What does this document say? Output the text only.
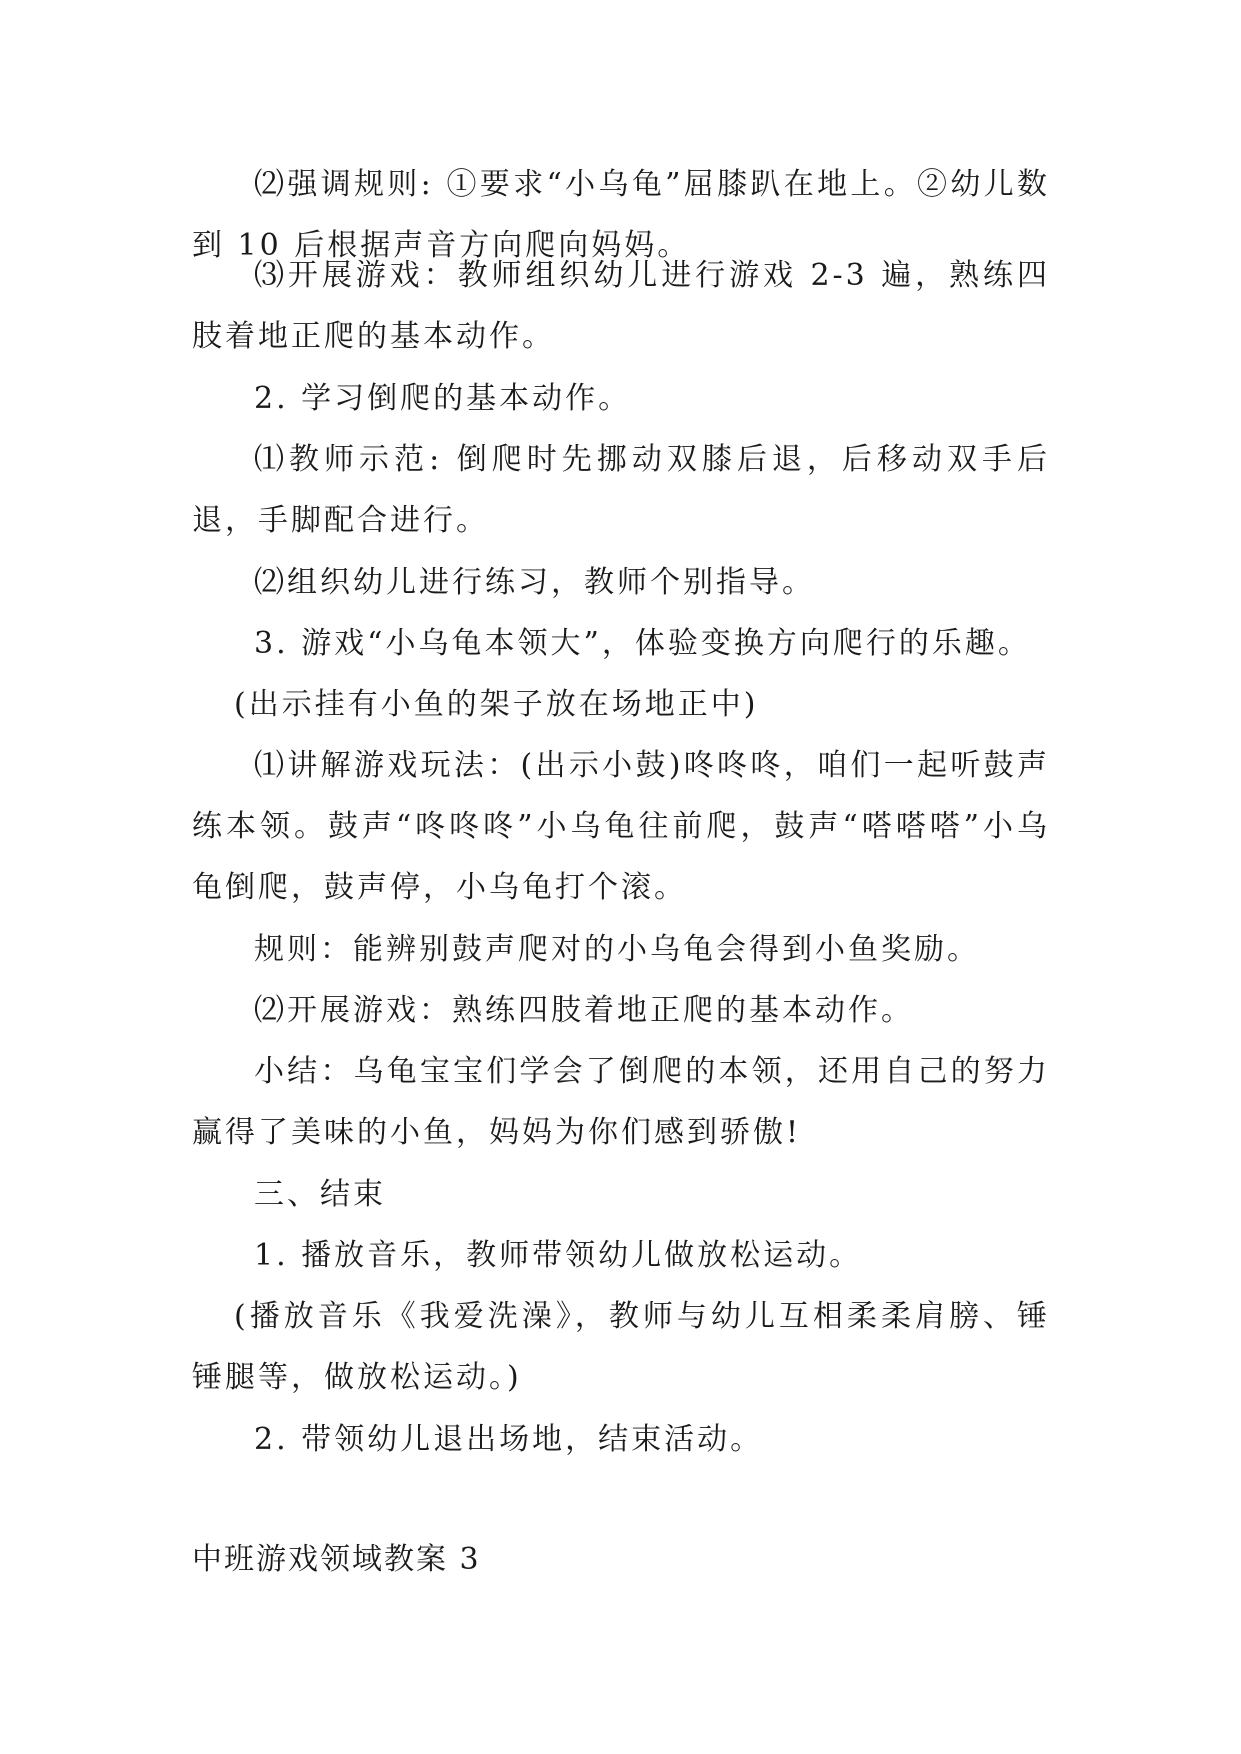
⑵强调规则: ①要求“小乌龟”屈膝趴在地上。②幼儿数到 10 后根据声音方向爬向妈妈。

⑶开展游戏：教师组织幼儿进行游戏 2-3 遍，熟练四肢着地正爬的基本动作。

2. 学习倒爬的基本动作。

⑴教师示范: 倒爬时先挪动双膝后退，后移动双手后退，手脚配合进行。

⑵组织幼儿进行练习，教师个别指导。

3. 游戏“小乌龟本领大”，体验变换方向爬行的乐趣。

(出示挂有小鱼的架子放在场地正中)

⑴讲解游戏玩法：(出示小鼓)咚咚咚，咱们一起听鼓声练本领。鼓声“咚咚咚”小乌龟往前爬，鼓声“嗒嗒嗒”小乌龟倒爬，鼓声停，小乌龟打个滚。

规则：能辨别鼓声爬对的小乌龟会得到小鱼奖励。

⑵开展游戏：熟练四肢着地正爬的基本动作。

小结：乌龟宝宝们学会了倒爬的本领，还用自己的努力赢得了美味的小鱼，妈妈为你们感到骄傲!

三、结束

1. 播放音乐，教师带领幼儿做放松运动。

(播放音乐《我爱洗澡》，教师与幼儿互相柔柔肩膀、锤锤腿等，做放松运动。)

2. 带领幼儿退出场地，结束活动。

中班游戏领域教案 3
